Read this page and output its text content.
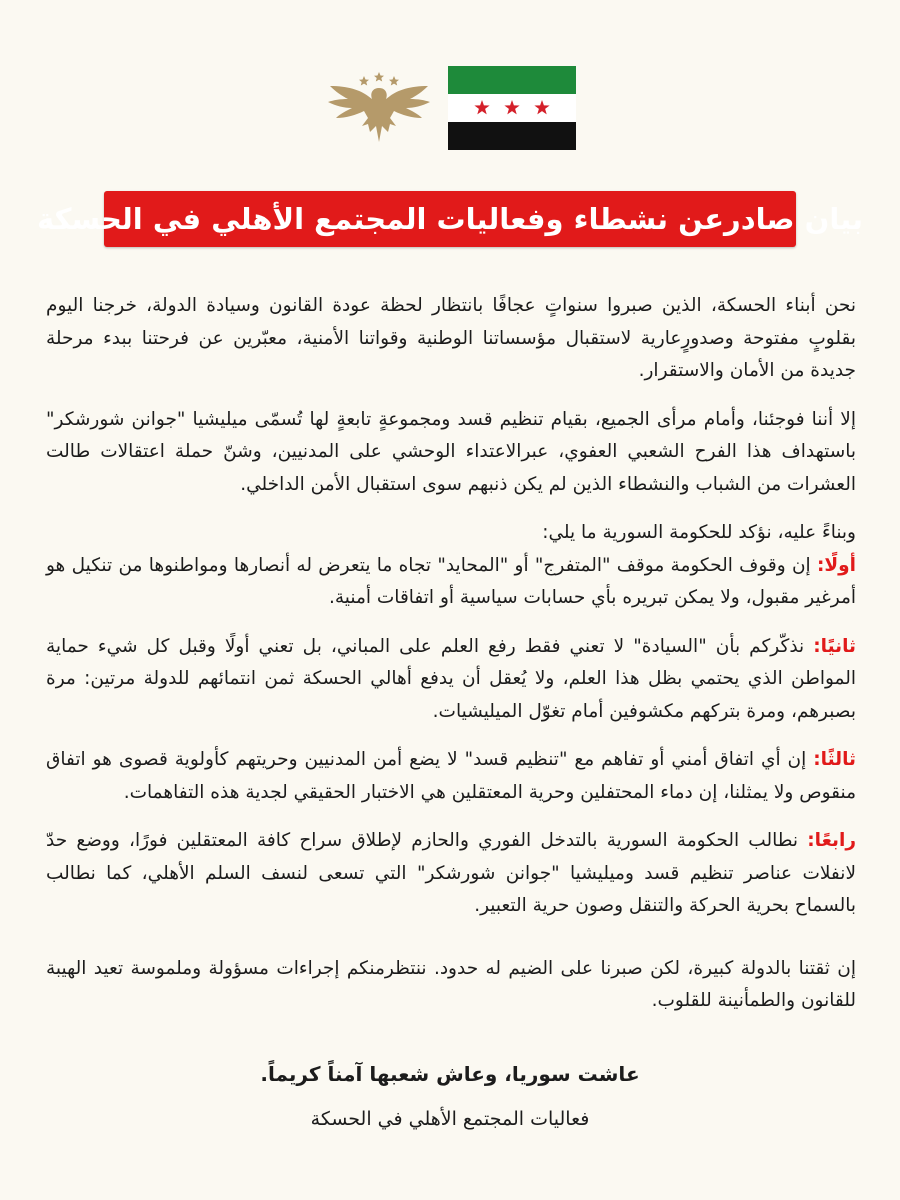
بيان صادرعن نشطاء وفعاليات المجتمع الأهلي في الحسكة

نحن أبناء الحسكة، الذين صبروا سنواتٍ عجافًا بانتظار لحظة عودة القانون وسيادة الدولة، خرجنا اليوم بقلوبٍ مفتوحة وصدورٍعارية لاستقبال مؤسساتنا الوطنية وقواتنا الأمنية، معبّرين عن فرحتنا ببدء مرحلة جديدة من الأمان والاستقرار.

إلا أننا فوجئنا، وأمام مرأى الجميع، بقيام تنظيم قسد ومجموعةٍ تابعةٍ لها تُسمّى ميليشيا "جوانن شورشكر" باستهداف هذا الفرح الشعبي العفوي، عبرالاعتداء الوحشي على المدنيين، وشنّ حملة اعتقالات طالت العشرات من الشباب والنشطاء الذين لم يكن ذنبهم سوى استقبال الأمن الداخلي.

وبناءً عليه، نؤكد للحكومة السورية ما يلي:

أولًا: إن وقوف الحكومة موقف "المتفرج" أو "المحايد" تجاه ما يتعرض له أنصارها ومواطنوها من تنكيل هو أمرغير مقبول، ولا يمكن تبريره بأي حسابات سياسية أو اتفاقات أمنية.

ثانيًا: نذكّركم بأن "السيادة" لا تعني فقط رفع العلم على المباني، بل تعني أولًا وقبل كل شيء حماية المواطن الذي يحتمي بظل هذا العلم، ولا يُعقل أن يدفع أهالي الحسكة ثمن انتمائهم للدولة مرتين: مرة بصبرهم، ومرة بتركهم مكشوفين أمام تغوّل الميليشيات.

ثالثًا: إن أي اتفاق أمني أو تفاهم مع "تنظيم قسد" لا يضع أمن المدنيين وحريتهم كأولوية قصوى هو اتفاق منقوص ولا يمثلنا، إن دماء المحتفلين وحرية المعتقلين هي الاختبار الحقيقي لجدية هذه التفاهمات.

رابعًا: نطالب الحكومة السورية بالتدخل الفوري والحازم لإطلاق سراح كافة المعتقلين فورًا، ووضع حدّ لانفلات عناصر تنظيم قسد وميليشيا "جوانن شورشكر" التي تسعى لنسف السلم الأهلي، كما نطالب بالسماح بحرية الحركة والتنقل وصون حرية التعبير.

إن ثقتنا بالدولة كبيرة، لكن صبرنا على الضيم له حدود. ننتظرمنكم إجراءات مسؤولة وملموسة تعيد الهيبة للقانون والطمأنينة للقلوب.

عاشت سوريا، وعاش شعبها آمناً كريماً.
فعاليات المجتمع الأهلي في الحسكة
